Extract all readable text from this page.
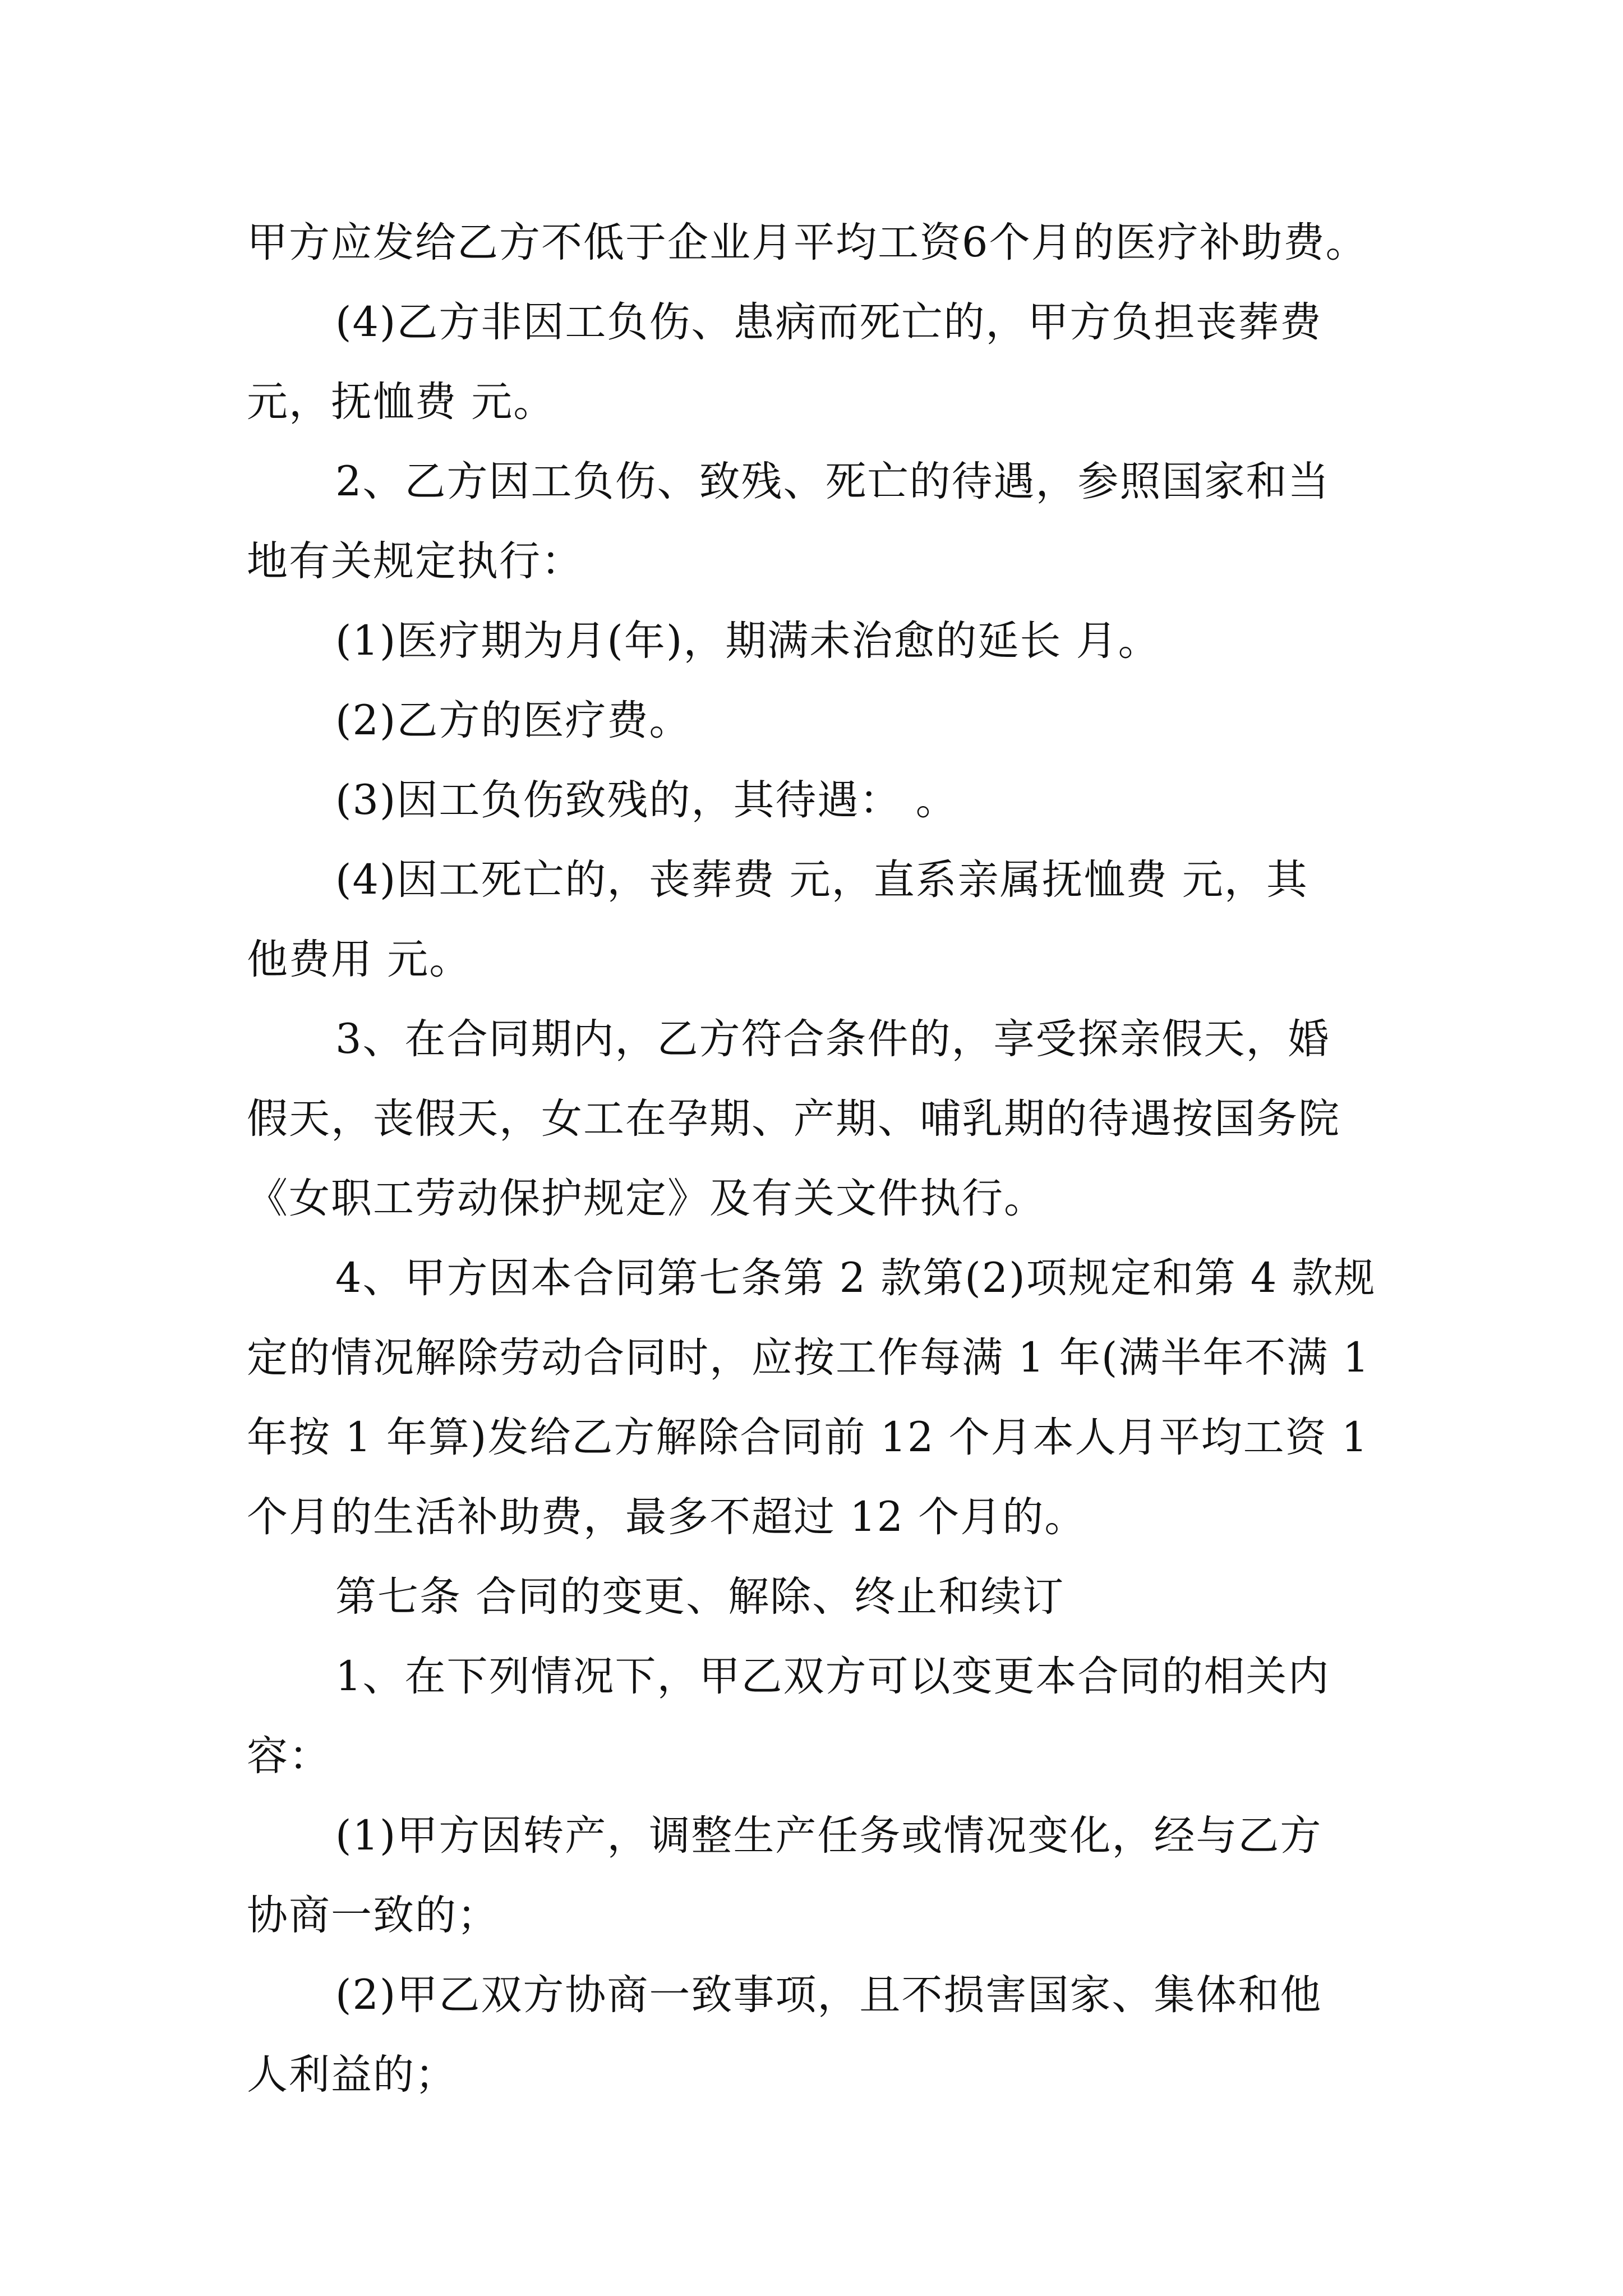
甲方应发给乙方不低于企业月平均工资6个月的医疗补助费。
(4)乙方非因工负伤、患病而死亡的，甲方负担丧葬费
元，抚恤费 元。
2、乙方因工负伤、致残、死亡的待遇，参照国家和当
地有关规定执行：
(1)医疗期为月(年)，期满未治愈的延长 月。
(2)乙方的医疗费。
(3)因工负伤致残的，其待遇： 。
(4)因工死亡的，丧葬费 元，直系亲属抚恤费 元，其
他费用 元。
3、在合同期内，乙方符合条件的，享受探亲假天，婚
假天，丧假天，女工在孕期、产期、哺乳期的待遇按国务院
《女职工劳动保护规定》及有关文件执行。
4、甲方因本合同第七条第 2 款第(2)项规定和第 4 款规
定的情况解除劳动合同时，应按工作每满 1 年(满半年不满 1
年按 1 年算)发给乙方解除合同前 12 个月本人月平均工资 1
个月的生活补助费，最多不超过 12 个月的。
第七条 合同的变更、解除、终止和续订
1、在下列情况下，甲乙双方可以变更本合同的相关内
容：
(1)甲方因转产，调整生产任务或情况变化，经与乙方
协商一致的；
(2)甲乙双方协商一致事项，且不损害国家、集体和他
人利益的；
